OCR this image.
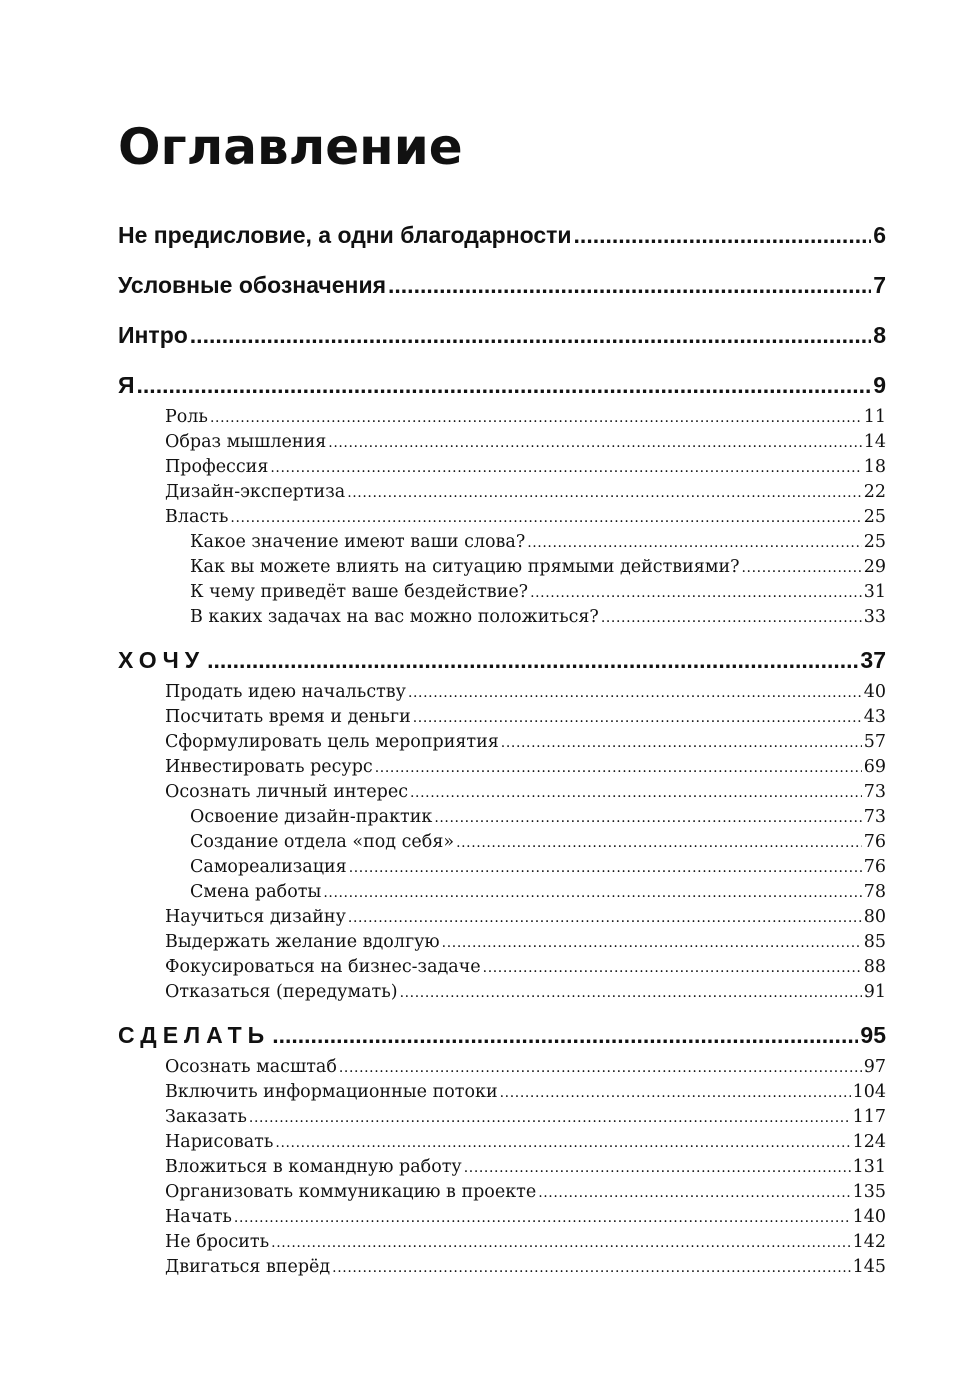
Оглавление
Не предисловие, а одни благодарности .....	6
Условные обозначения .....	7
Интро .....	8
Я .....	9
Роль .....	11
Образ мышления .....	14
Профессия .....	18
Дизайн-экспертиза .....	22
Власть .....	25
Какое значение имеют ваши слова? .....	25
Как вы можете влиять на ситуацию прямыми действиями? .....	29
К чему приведёт ваше бездействие? .....	31
В каких задачах на вас можно положиться? .....	33
ХОЧУ .....	37
Продать идею начальству .....	40
Посчитать время и деньги .....	43
Сформулировать цель мероприятия .....	57
Инвестировать ресурс .....	69
Осознать личный интерес .....	73
Освоение дизайн-практик .....	73
Создание отдела «под себя» .....	76
Самореализация .....	76
Смена работы .....	78
Научиться дизайну .....	80
Выдержать желание вдолгую .....	85
Фокусироваться на бизнес-задаче .....	88
Отказаться (передумать) .....	91
СДЕЛАТЬ .....	95
Осознать масштаб .....	97
Включить информационные потоки .....	104
Заказать .....	117
Нарисовать .....	124
Вложиться в командную работу .....	131
Организовать коммуникацию в проекте .....	135
Начать .....	140
Не бросить .....	142
Двигаться вперёд .....	145
